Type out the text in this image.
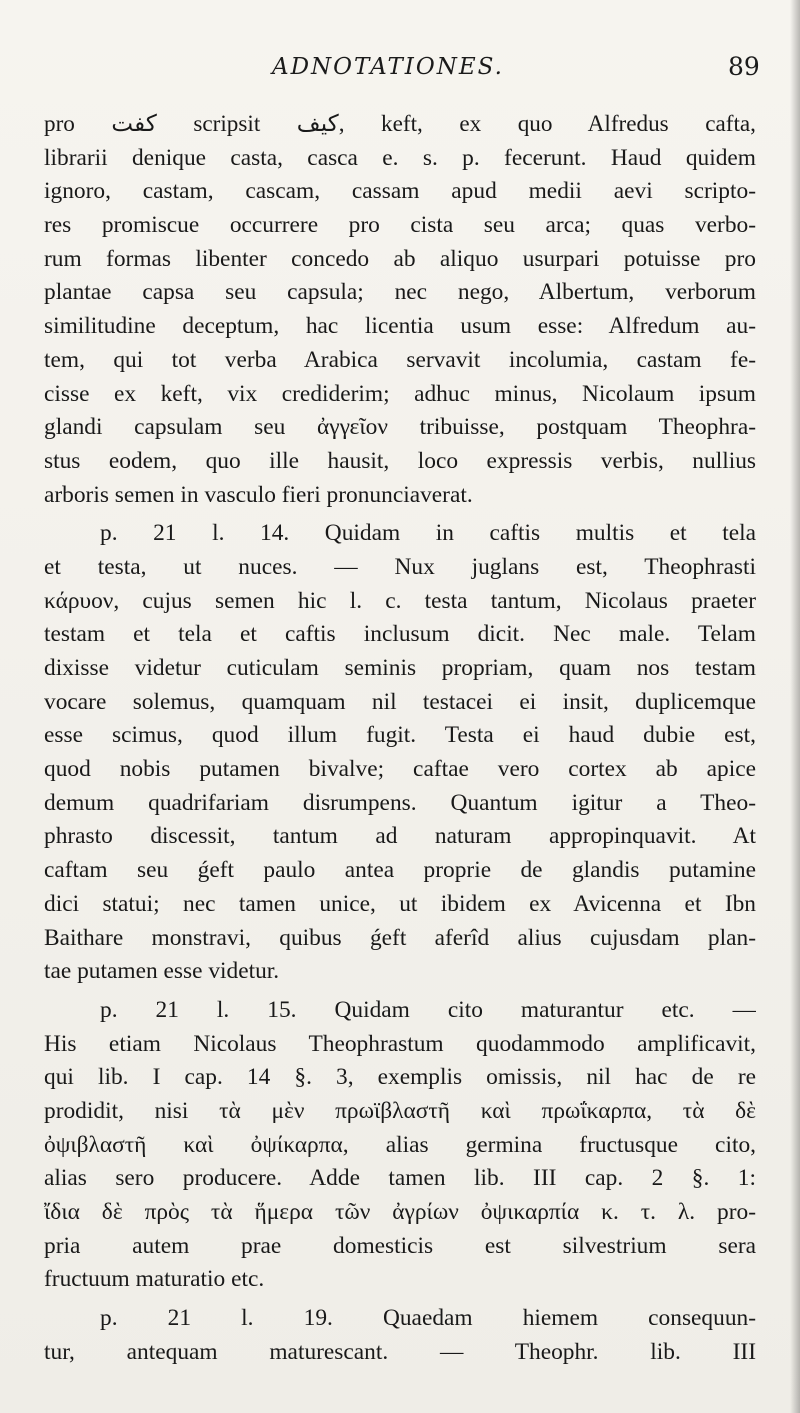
ADNOTATIONES.	89
pro كفت scripsit كيف, keft, ex quo Alfredus cafta,
librarii denique casta, casca e. s. p. fecerunt. Haud quidem
ignoro, castam, cascam, cassam apud medii aevi scripto-
res promiscue occurrere pro cista seu arca; quas verbo-
rum formas libenter concedo ab aliquo usurpari potuisse pro
plantae capsa seu capsula; nec nego, Albertum, verborum
similitudine deceptum, hac licentia usum esse: Alfredum au-
tem, qui tot verba Arabica servavit incolumia, castam fe-
cisse ex keft, vix crediderim; adhuc minus, Nicolaum ipsum
glandi capsulam seu ἀγγεῖον tribuisse, postquam Theophra-
stus eodem, quo ille hausit, loco expressis verbis, nullius
arboris semen in vasculo fieri pronunciaverat.
p. 21 l. 14. Quidam in caftis multis et tela
et testa, ut nuces. — Nux juglans est, Theophrasti
κάρυον, cujus semen hic l. c. testa tantum, Nicolaus praeter
testam et tela et caftis inclusum dicit. Nec male. Telam
dixisse videtur cuticulam seminis propriam, quam nos testam
vocare solemus, quamquam nil testacei ei insit, duplicemque
esse scimus, quod illum fugit. Testa ei haud dubie est,
quod nobis putamen bivalve; caftae vero cortex ab apice
demum quadrifariam disrumpens. Quantum igitur a Theo-
phrasto discessit, tantum ad naturam appropinquavit. At
caftam seu ǵeft paulo antea proprie de glandis putamine
dici statui; nec tamen unice, ut ibidem ex Avicenna et Ibn
Baithare monstravi, quibus ǵeft aferîd alius cujusdam plan-
tae putamen esse videtur.
p. 21 l. 15. Quidam cito maturantur etc. —
His etiam Nicolaus Theophrastum quodammodo amplificavit,
qui lib. I cap. 14 §. 3, exemplis omissis, nil hac de re
prodidit, nisi τὰ μὲν πρωϊβλαστῆ καὶ πρωΐκαρπα, τὰ δὲ
ὀψιβλαστῆ καὶ ὀψίκαρπα, alias germina fructusque cito,
alias sero producere. Adde tamen lib. III cap. 2 §. 1:
ἴδια δὲ πρὸς τὰ ἥμερα τῶν ἀγρίων ὀψικαρπία κ. τ. λ. pro-
pria autem prae domesticis est silvestrium sera
fructuum maturatio etc.
p. 21 l. 19. Quaedam hiemem consequun-
tur, antequam maturescant. — Theophr. lib. III
